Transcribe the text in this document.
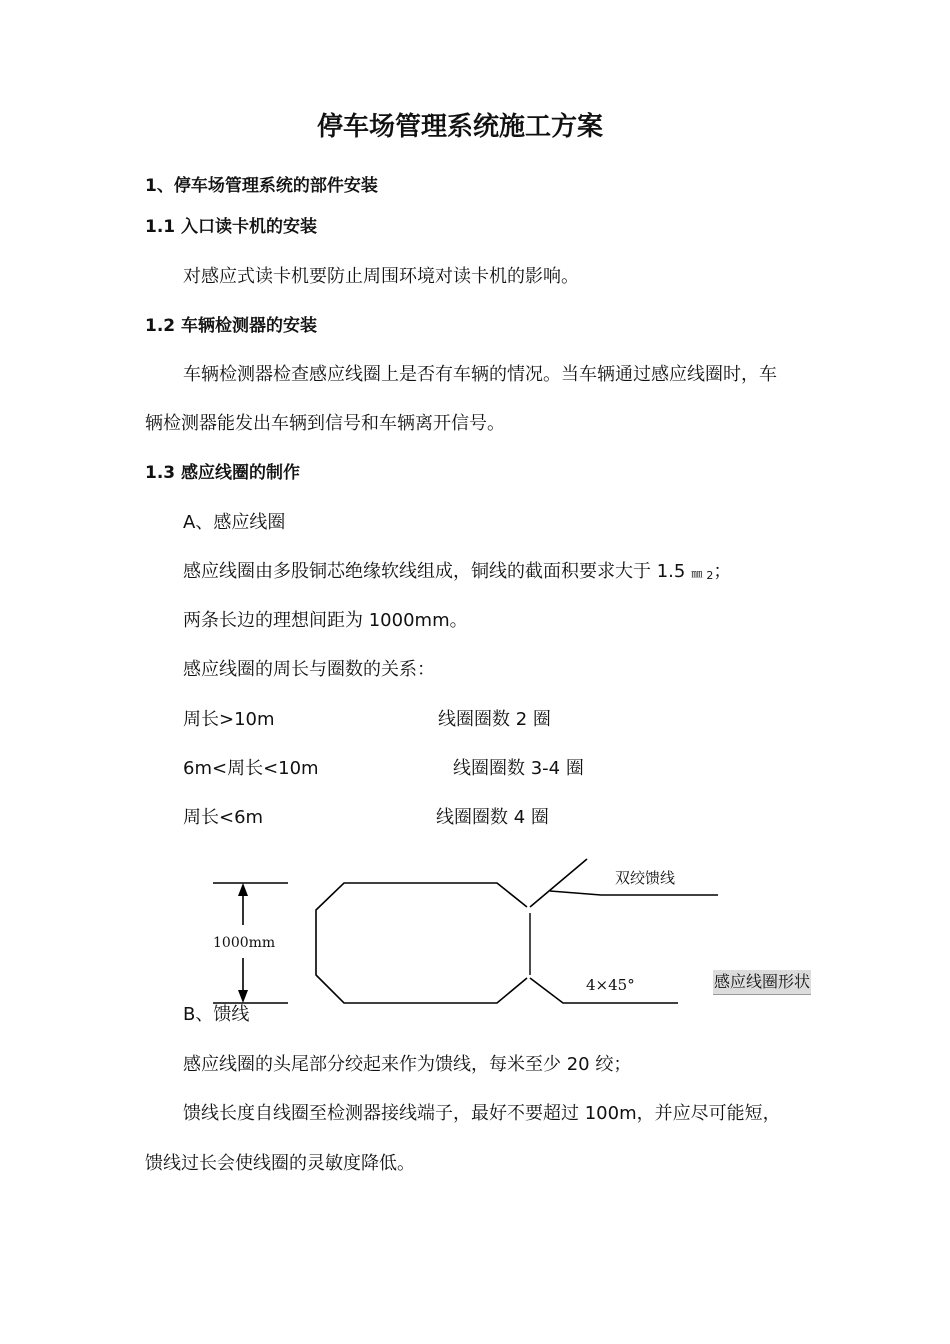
停车场管理系统施工方案
1、停车场管理系统的部件安装
1.1 入口读卡机的安装
对感应式读卡机要防止周围环境对读卡机的影响。
1.2 车辆检测器的安装
车辆检测器检查感应线圈上是否有车辆的情况。当车辆通过感应线圈时，车
辆检测器能发出车辆到信号和车辆离开信号。
1.3 感应线圈的制作
A、感应线圈
感应线圈由多股铜芯绝缘软线组成，铜线的截面积要求大于 1.5 ㎜ 2；
两条长边的理想间距为 1000mm。
感应线圈的周长与圈数的关系：
周长>10m	线圈圈数 2 圈
6m<周长<10m	线圈圈数 3-4 圈
周长<6m	线圈圈数 4 圈
1000mm
双绞馈线
4×45°	感应线圈形状
B、馈线
感应线圈的头尾部分绞起来作为馈线，每米至少 20 绞；
馈线长度自线圈至检测器接线端子，最好不要超过 100m，并应尽可能短，
馈线过长会使线圈的灵敏度降低。
